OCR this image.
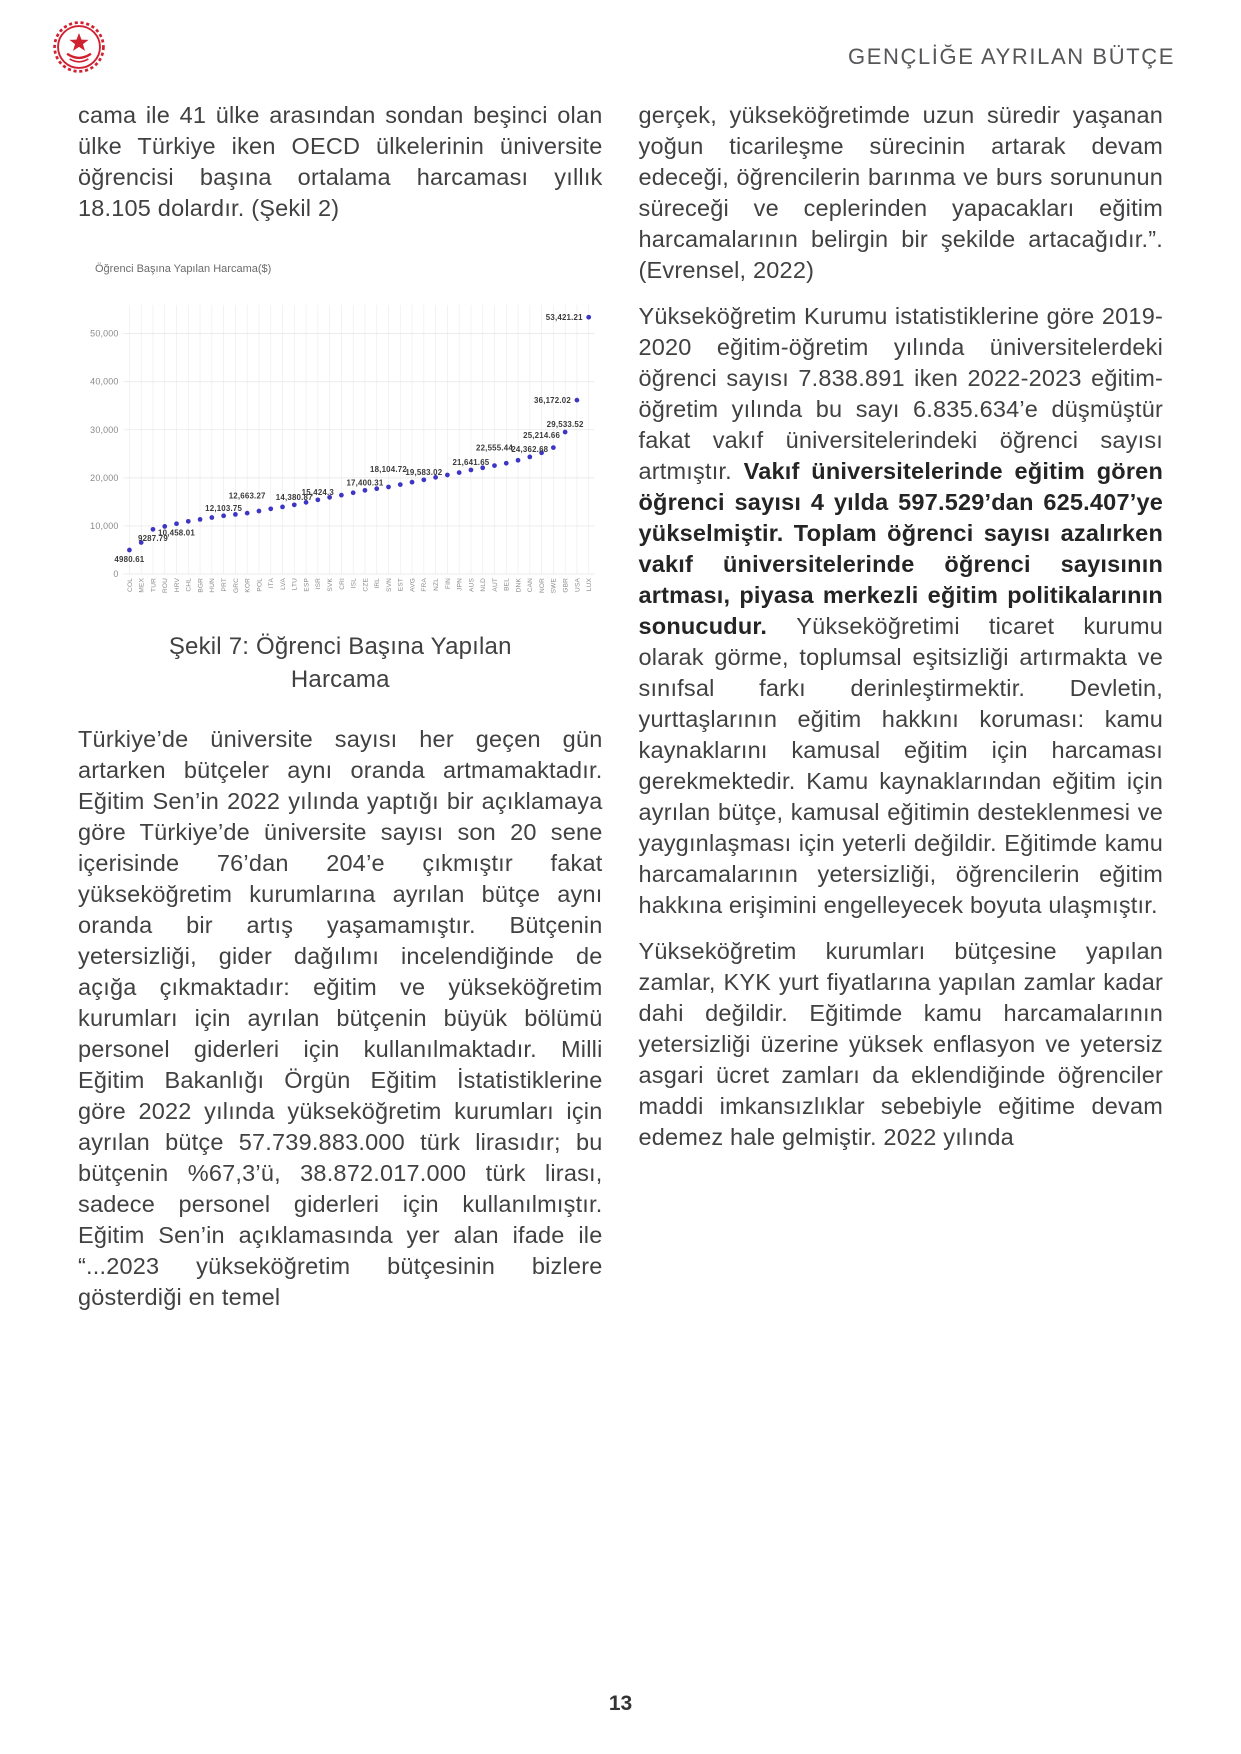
GENÇLİĞE AYRILAN BÜTÇE

cama ile 41 ülke arasından sondan beşinci olan ülke Türkiye iken OECD ülkelerinin üniversite öğrencisi başına ortalama harcaması yıllık 18.105 dolardır. (Şekil 2)

Öğrenci Başına Yapılan Harcama($)
0
10,000
20,000
30,000
40,000
50,000
COL MEX TUR ROU HRV CHL BGR HUN PRT GRC KOR POL ITA LVA LTU ESP ISR SVK CRI ISL CZE IRL SVN EST AVG FRA NZL FIN JPN AUS NLD AUT BEL DNK CAN NOR SWE GBR USA LUX
4980.61
9287.79
10,458.01
12,103.75
12,663.27 14,380.87
15,424.3
17,400.31
18,104.72
19,583.02
21,641.65
22,555.44
24,362.68
25,214.66
29,533.52
36,172.02
53,421.21
Şekil 7: Öğrenci Başına Yapılan Harcama

Türkiye’de üniversite sayısı her geçen gün artarken bütçeler aynı oranda artmamaktadır. Eğitim Sen’in 2022 yılında yaptığı bir açıklamaya göre Türkiye’de üniversite sayısı son 20 sene içerisinde 76’dan 204’e çıkmıştır fakat yükseköğretim kurumlarına ayrılan bütçe aynı oranda bir artış yaşamamıştır. Bütçenin yetersizliği, gider dağılımı incelendiğinde de açığa çıkmaktadır: eğitim ve yükseköğretim kurumları için ayrılan bütçenin büyük bölümü personel giderleri için kullanılmaktadır. Milli Eğitim Bakanlığı Örgün Eğitim İstatistiklerine göre 2022 yılında yükseköğretim kurumları için ayrılan bütçe 57.739.883.000 türk lirasıdır; bu bütçenin %67,3’ü, 38.872.017.000 türk lirası, sadece personel giderleri için kullanılmıştır. Eğitim Sen’in açıklamasında yer alan ifade ile “...2023 yükseköğretim bütçesinin bizlere gösterdiği en temel

gerçek, yükseköğretimde uzun süredir yaşanan yoğun ticarileşme sürecinin artarak devam edeceği, öğrencilerin barınma ve burs sorununun süreceği ve ceplerinden yapacakları eğitim harcamalarının belirgin bir şekilde artacağıdır.”. (Evrensel, 2022)

Yükseköğretim Kurumu istatistiklerine göre 2019-2020 eğitim-öğretim yılında üniversitelerdeki öğrenci sayısı 7.838.891 iken 2022-2023 eğitim-öğretim yılında bu sayı 6.835.634’e düşmüştür fakat vakıf üniversitelerindeki öğrenci sayısı artmıştır. Vakıf üniversitelerinde eğitim gören öğrenci sayısı 4 yılda 597.529’dan 625.407’ye yükselmiştir. Toplam öğrenci sayısı azalırken vakıf üniversitelerinde öğrenci sayısının artması, piyasa merkezli eğitim politikalarının sonucudur. Yükseköğretimi ticaret kurumu olarak görme, toplumsal eşitsizliği artırmakta ve sınıfsal farkı derinleştirmektir. Devletin, yurttaşlarının eğitim hakkını koruması: kamu kaynaklarını kamusal eğitim için harcaması gerekmektedir. Kamu kaynaklarından eğitim için ayrılan bütçe, kamusal eğitimin desteklenmesi ve yaygınlaşması için yeterli değildir. Eğitimde kamu harcamalarının yetersizliği, öğrencilerin eğitim hakkına erişimini engelleyecek boyuta ulaşmıştır.

Yükseköğretim kurumları bütçesine yapılan zamlar, KYK yurt fiyatlarına yapılan zamlar kadar dahi değildir. Eğitimde kamu harcamalarının yetersizliği üzerine yüksek enflasyon ve yetersiz asgari ücret zamları da eklendiğinde öğrenciler maddi imkansızlıklar sebebiyle eğitime devam edemez hale gelmiştir. 2022 yılında

13
